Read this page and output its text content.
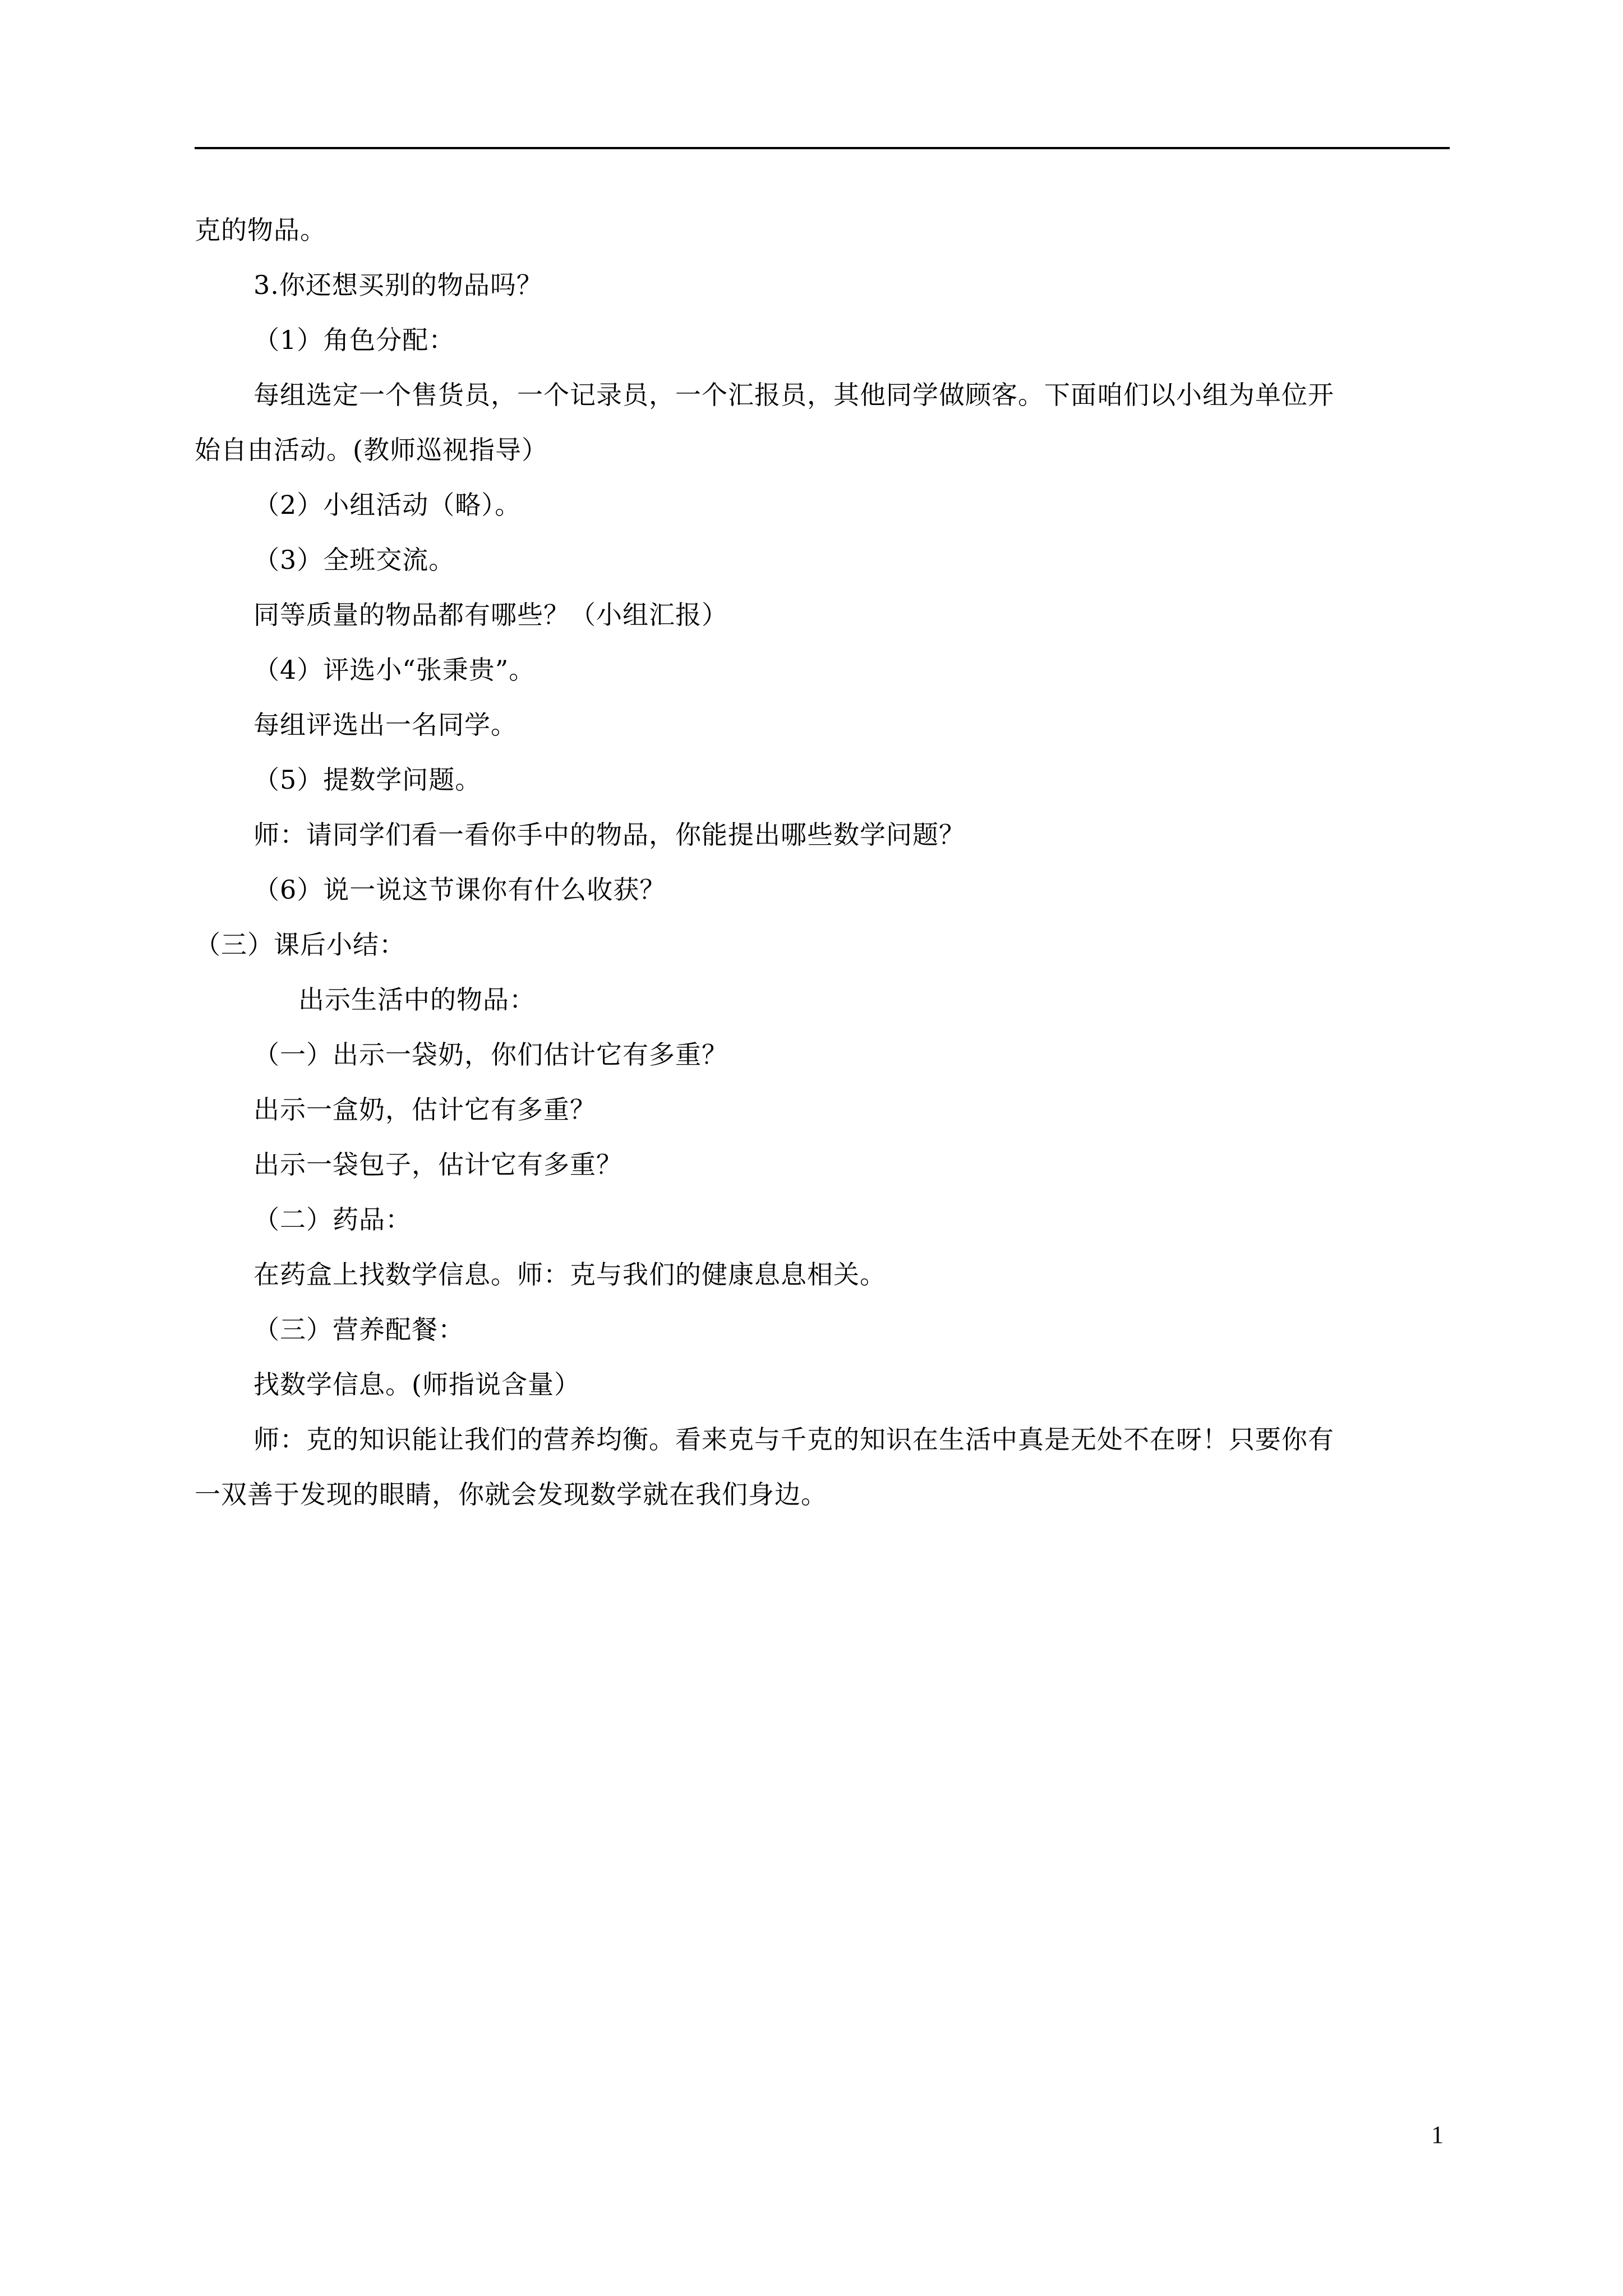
克的物品。
3.你还想买别的物品吗？
（1）角色分配：
每组选定一个售货员，一个记录员，一个汇报员，其他同学做顾客。下面咱们以小组为单位开
始自由活动。(教师巡视指导）
（2）小组活动（略）。
（3）全班交流。
同等质量的物品都有哪些？（小组汇报）
（4）评选小“张秉贵”。
每组评选出一名同学。
（5）提数学问题。
师：请同学们看一看你手中的物品，你能提出哪些数学问题？
（6）说一说这节课你有什么收获？
（三）课后小结：
出示生活中的物品：
（一）出示一袋奶，你们估计它有多重？
出示一盒奶，估计它有多重？
出示一袋包子，估计它有多重？
（二）药品：
在药盒上找数学信息。师：克与我们的健康息息相关。
（三）营养配餐：
找数学信息。(师指说含量）
师：克的知识能让我们的营养均衡。看来克与千克的知识在生活中真是无处不在呀！只要你有
一双善于发现的眼睛，你就会发现数学就在我们身边。
1
